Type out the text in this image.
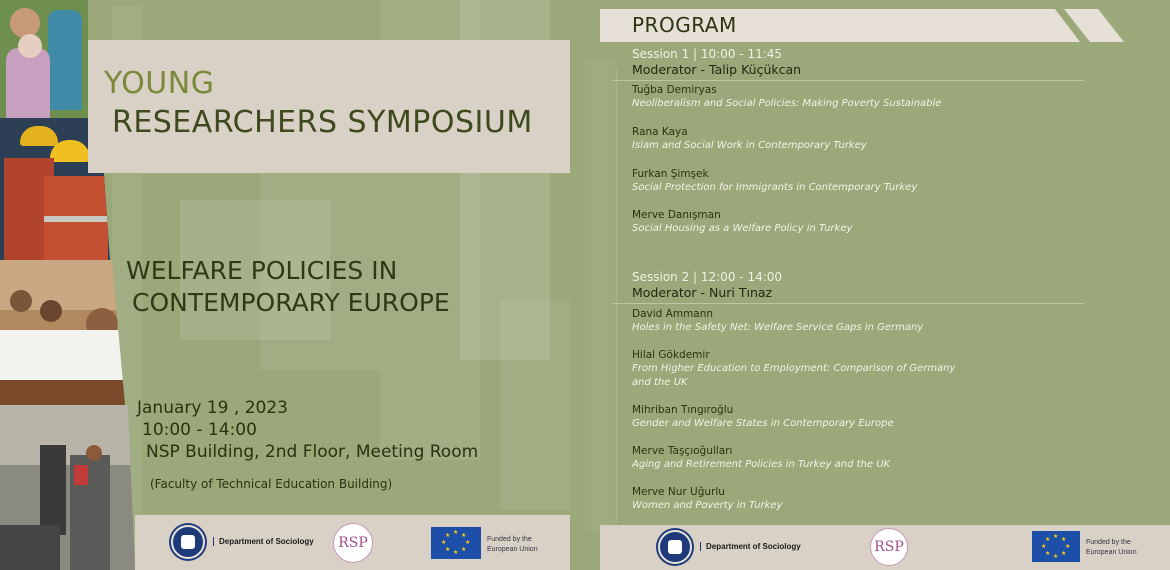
YOUNG
RESEARCHERS SYMPOSIUM
WELFARE POLICIES IN
CONTEMPORARY EUROPE
January 19 , 2023
10:00 - 14:00
NSP Building, 2nd Floor, Meeting Room
(Faculty of Technical Education Building)
Department of Sociology	RSP
★ ★
★
★
★
★
★
★
Funded by the
European Union
PROGRAM
Session 1 | 10:00 - 11:45
Moderator - Talip Küçükcan
Tuğba Demiryas
Neoliberalism and Social Policies: Making Poverty Sustainable
Rana Kaya
Islam and Social Work in Contemporary Turkey
Furkan Şimşek
Social Protection for Immigrants in Contemporary Turkey
Merve Danışman
Social Housing as a Welfare Policy in Turkey
Session 2 | 12:00 - 14:00
Moderator - Nuri Tınaz
David Ammann
Holes in the Safety Net: Welfare Service Gaps in Germany
Hilal Gökdemir
From Higher Education to Employment: Comparison of Germany and the UK
Mihriban Tıngıroğlu
Gender and Welfare States in Contemporary Europe
Merve Taşçıoğulları
Aging and Retirement Policies in Turkey and the UK
Merve Nur Uğurlu
Women and Poverty in Turkey
Department of Sociology	RSP
★ ★
★
★
★
★
★
★	Funded by the
European Union
